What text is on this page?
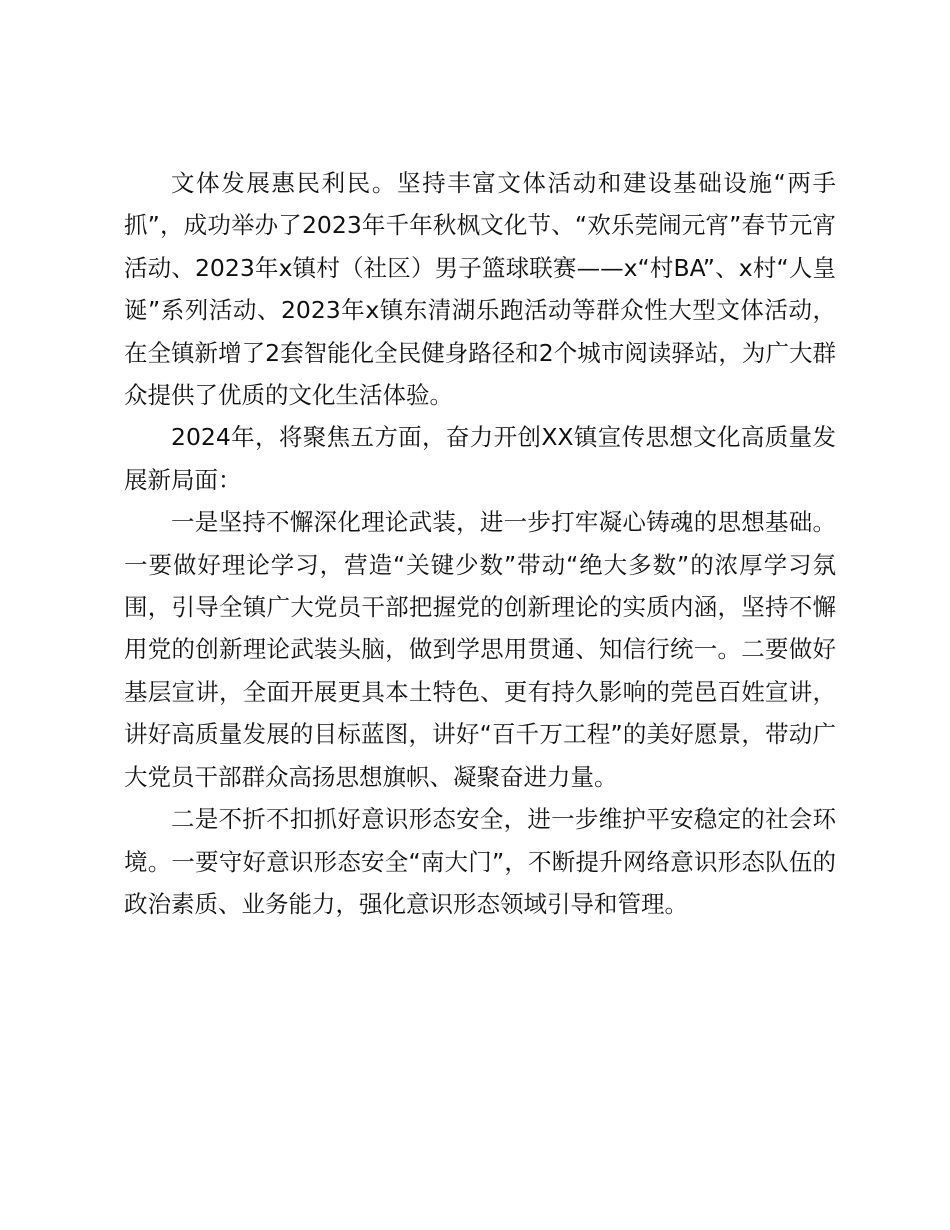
文体发展惠民利民。坚持丰富文体活动和建设基础设施“两手抓”，成功举办了2023年千年秋枫文化节、“欢乐莞闹元宵”春节元宵活动、2023年x镇村（社区）男子篮球联赛——x“村BA”、x村“人皇诞”系列活动、2023年x镇东清湖乐跑活动等群众性大型文体活动，在全镇新增了2套智能化全民健身路径和2个城市阅读驿站，为广大群众提供了优质的文化生活体验。

2024年，将聚焦五方面，奋力开创XX镇宣传思想文化高质量发展新局面：

一是坚持不懈深化理论武装，进一步打牢凝心铸魂的思想基础。一要做好理论学习，营造“关键少数”带动“绝大多数”的浓厚学习氛围，引导全镇广大党员干部把握党的创新理论的实质内涵，坚持不懈用党的创新理论武装头脑，做到学思用贯通、知信行统一。二要做好基层宣讲，全面开展更具本土特色、更有持久影响的莞邑百姓宣讲，讲好高质量发展的目标蓝图，讲好“百千万工程”的美好愿景，带动广大党员干部群众高扬思想旗帜、凝聚奋进力量。

二是不折不扣抓好意识形态安全，进一步维护平安稳定的社会环境。一要守好意识形态安全“南大门”，不断提升网络意识形态队伍的政治素质、业务能力，强化意识形态领域引导和管理。
